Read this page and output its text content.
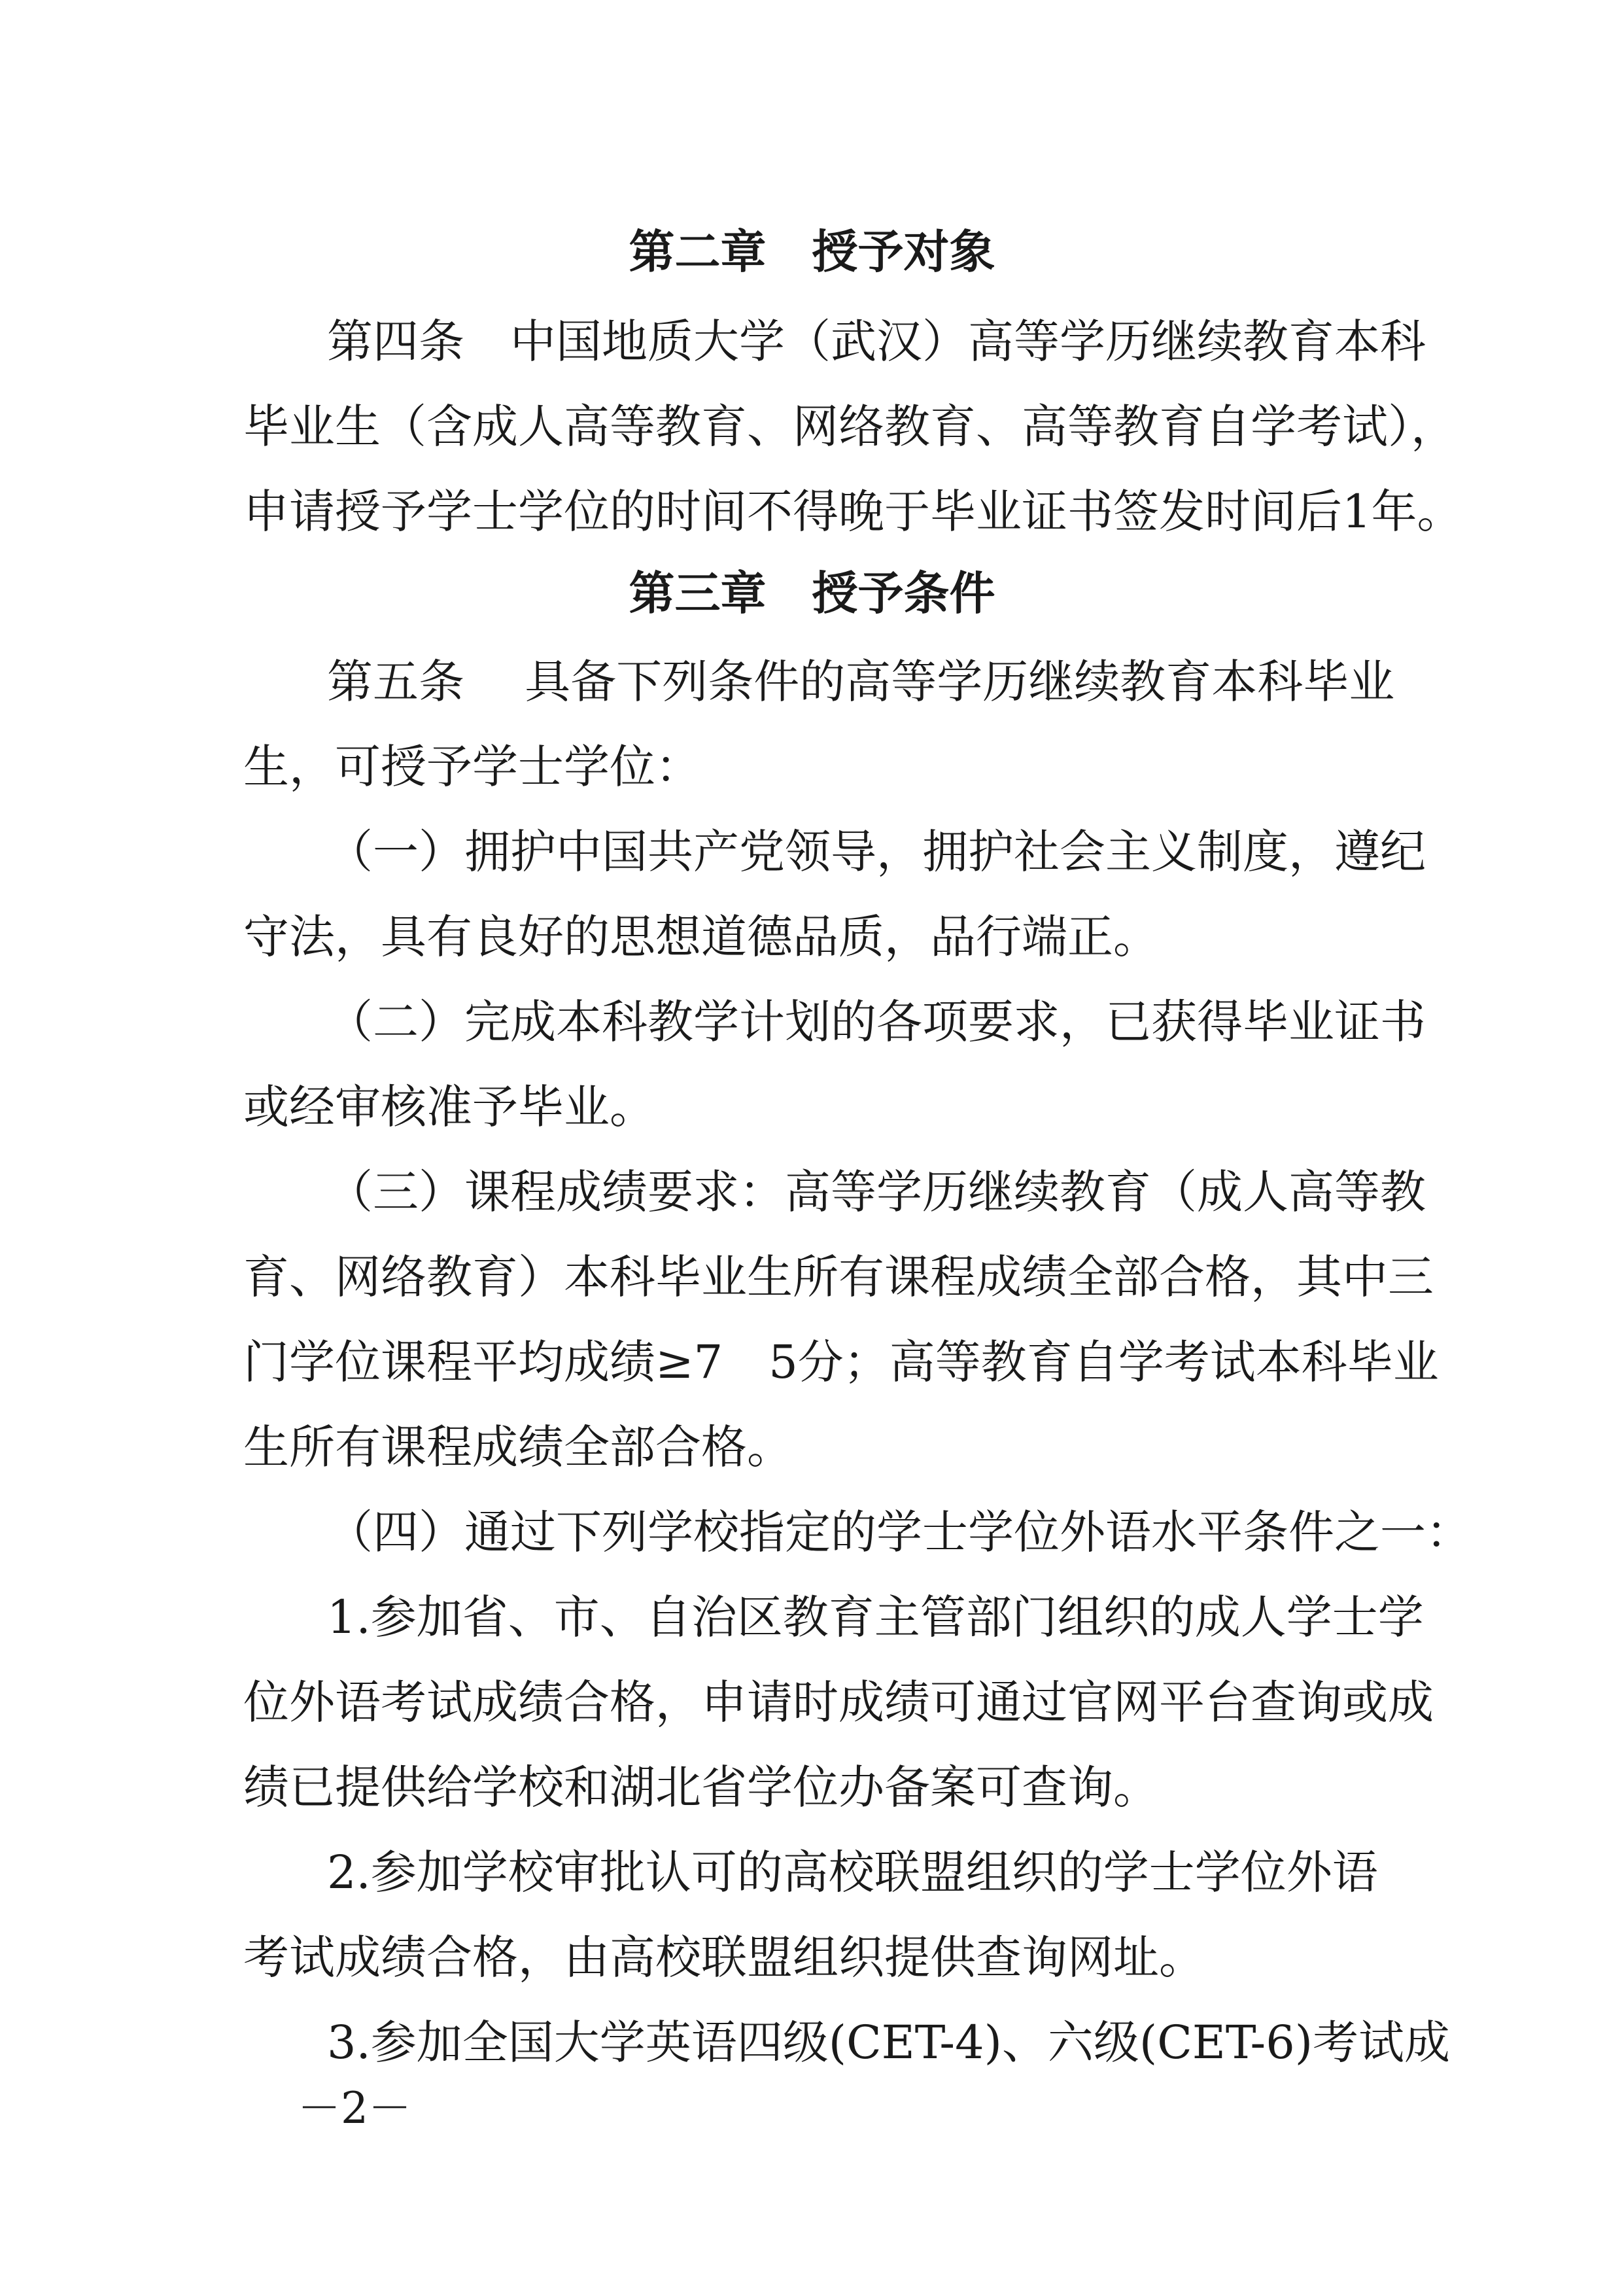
第二章　授予对象
第四条　中国地质大学（武汉）高等学历继续教育本科
毕业生（含成人高等教育、网络教育、高等教育自学考试），
申请授予学士学位的时间不得晚于毕业证书签发时间后1年。
第三章　授予条件
第五条　 具备下列条件的高等学历继续教育本科毕业
生，可授予学士学位：
（一）拥护中国共产党领导，拥护社会主义制度，遵纪
守法，具有良好的思想道德品质，品行端正。
（二）完成本科教学计划的各项要求，已获得毕业证书
或经审核准予毕业。
（三）课程成绩要求：高等学历继续教育（成人高等教
育、网络教育）本科毕业生所有课程成绩全部合格，其中三
门学位课程平均成绩≥7　5分；高等教育自学考试本科毕业
生所有课程成绩全部合格。
（四）通过下列学校指定的学士学位外语水平条件之一：
1.参加省、市、自治区教育主管部门组织的成人学士学
位外语考试成绩合格，申请时成绩可通过官网平台查询或成
绩已提供给学校和湖北省学位办备案可查询。
2.参加学校审批认可的高校联盟组织的学士学位外语
考试成绩合格，由高校联盟组织提供查询网址。
3.参加全国大学英语四级(CET-4)、六级(CET-6)考试成
－2－
